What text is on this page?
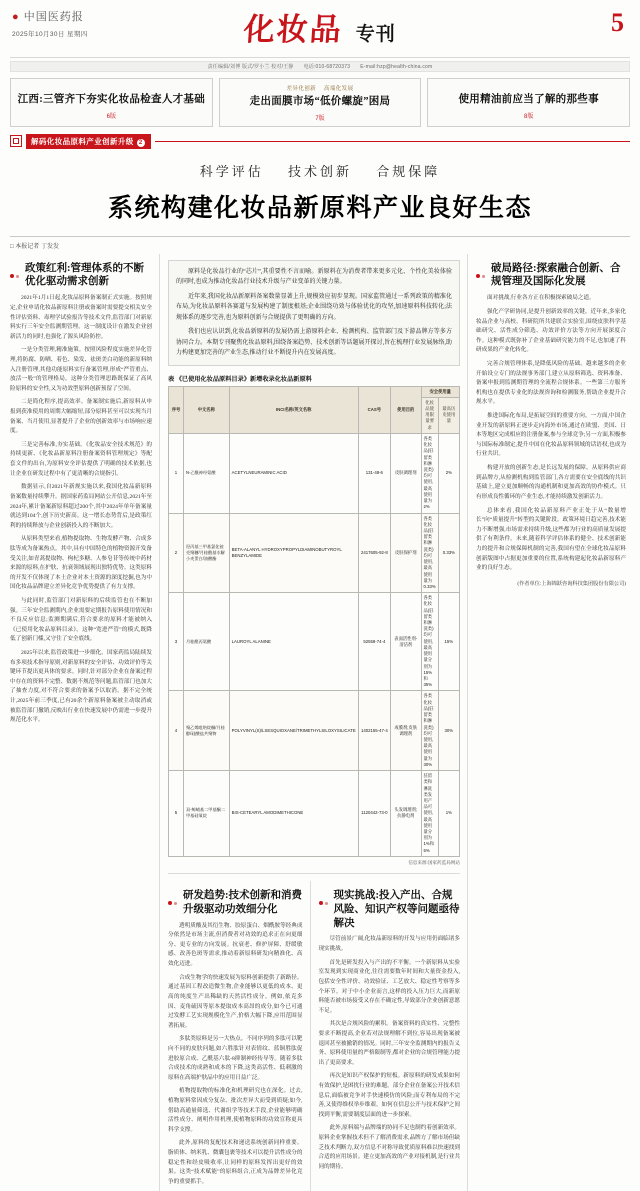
● 中国医药报
2025年10月30日 星期四	化妆品 专刊	5
责任编辑/刘博 版式/罗小兰 校对/王静 电话:010-68720373 E-mail:hzp@health-china.com

江西:三管齐下夯实化妆品检查人才基础
6版
差异化创新 高端化发展
走出面膜市场“低价螺旋”困局
7版

使用精油前应当了解的那些事
8版
解码化妆品原料产业创新升级 2
科学评估 技术创新 合规保障
系统构建化妆品新原料产业良好生态
□ 本报记者 丁发发
政策红利:管理体系的不断优化驱动需求创新

2021年1月1日起,化妆品原料备案制正式实施。按照规定,企业申请化妆品新原料注册或备案时需要提交相关安全性评估资料、毒理学试验报告等技术文件,监管部门对新原料实行三年安全监测期管理。这一制度设计在激发企业创新活力的同时,也强化了源头风险防控。

一是分类管理,精准施策。按照风险程度实施差异化管理,将防腐、防晒、着色、染发、祛斑美白功能的新原料纳入注册管理,其他功能原料实行备案管理,形成“严管重点、放活一般”的管理格局。这种分类管理思路既保证了高风险原料的安全性,又为功效型原料创新预留了空间。

二是简化程序,提高效率。备案制实施后,新原料从申报到获准使用的周期大幅缩短,部分原料甚至可以实现当月备案、当月使用,显著提升了企业的创新效率与市场响应速度。

三是完善标准,夯实基础。《化妆品安全技术规范》的持续更新、《化妆品新原料注册备案资料管理规定》等配套文件的出台,为原料安全评估提供了明确的技术依据,也让企业在研发过程中有了更清晰的合规指引。

数据显示,自2021年新规实施以来,我国化妆品新原料备案数量持续攀升。据国家药监局网站公开信息,2021年至2024年,累计备案新原料超过200个,其中2024年单年备案量就达到104个,创下历史新高。这一增长态势背后,是政策红利的持续释放与企业创新投入的不断加大。

从原料类型来看,植物提取物、生物发酵产物、合成多肽等成为备案热点。其中,具有中国特色的植物资源开发备受关注,如青蒿提取物、枸杞多糖、人参皂苷等传统中药材来源的原料,在护肤、抗衰领域展现出独特优势。这类原料的开发不仅体现了本土企业对本土资源的深度挖掘,也为中国化妆品品牌建立差异化竞争优势提供了有力支撑。

与此同时,监管部门对新原料的后续监管也在不断加强。三年安全监测期内,企业需要定期报告原料使用情况和不良反应信息;监测期满后,符合要求的原料才能被纳入《已使用化妆品原料目录》。这种“宽进严管”的模式,既降低了创新门槛,又守住了安全底线。

2025年以来,监管政策进一步细化。国家药监局陆续发布多项技术指导原则,对新原料的安全评估、功效评价等关键环节提出更具体的要求。同时,针对部分企业在备案过程中存在的资料不完整、数据不规范等问题,监管部门也加大了抽查力度,对不符合要求的备案予以取消。据不完全统计,2025年前三季度,已有20余个新原料备案被主动取消或被监管部门撤销,反映出行业在快速发展中仍需进一步提升规范化水平。

原料是化妆品行业的“芯片”,其重要性不言而喻。新原料在为消费者带来更多元化、个性化美妆体验的同时,也成为推动化妆品行业技术升级与产业变革的关键力量。

近年来,我国化妆品新原料备案数量显著上升,规模效应初步显现。国家监管通过一系列政策的精准化布局,为化妆品原料各赛道与发展构建了制度根基;企业围绕功效与体验优化的攻坚,加速原料科技转化;法规体系的逐步完善,也为原料创新与合规提供了更明确的方向。

我们也应认识到,化妆品新原料的发展仍需上游原料企业、检测机构、监管部门及下游品牌方等多方协同合力。本期专刊聚焦化妆品原料,围绕备案趋势、技术创新等话题展开探讨,旨在梳理行业发展脉络,助力构建更加完善的产业生态,推动行业不断提升内在发展高度。

表 《已使用化妆品原料目录》新增收录化妆品新原料
序号	中文名称	INCI名称/英文名称	CAS号	使用目的	安全使用量	
					化妆品使用限量要求	最高历史使用量
1	N-乙酰神经氨酸	ACETYLNEURAMINIC ACID	131-48-6	皮肤调理剂	各类化妆品(驻留类和淋洗类)均可使用,最高使用量为2%	2%
2	羟丙基三甲基氯化铵壳聚糖/月桂酰基水解小麦蛋白/油酸酯	BETA-ALANYL HYDROXYPROPYLDIAMINOBUTYROYL BENZYLAMIDE	2417605-92-8	皮肤保护剂	各类化妆品(驻留类和淋洗类)均可使用,最高使用量为0.33%	0.33%
3	月桂酰丙氨酸	LAUROYL ALANINE	52558-74-4	表面活性剂-清洁剂	各类化妆品(驻留类和淋洗类)均可使用,最高使用量分别为15%和35%	15%
4	聚乙烯吡咯烷酮/月桂醇/硅酸盐共聚物	POLYVINYL(S)/LSESQUIOXANE/TRIMETHYLSILOXYSILICATE	1402155-47-4	成膜剂;皮肤调理剂	各类化妆品(驻留类和淋洗类)均可使用,最高使用量为30%	30%
5	双-鲸蜡基二甲基酮二甲基硅氧烷	BIS-CETEARYL AMODIMETHICONE	1120442-73-0	头发调理剂;抗静电剂	驻留类和淋洗类发用产品可使用,最高使用量分别为1%和5%	1%
信息来源:国家药监局网站
研发趋势:技术创新和消费升级驱动功效细分化

透明质酸及其衍生物、胶原蛋白、烟酰胺等经典成分依然是市场主流,但消费者对功效的追求正在向更细分、更专业的方向发展。抗衰老、修护屏障、舒缓敏感、改善色斑等需求,推动着新原料研发向精准化、高效化迈进。

合成生物学的快速发展为原料创新提供了新路径。通过基因工程改造微生物,企业能够以更低的成本、更高的纯度生产出稀缺的天然活性成分。例如,依克多因、麦角硫因等原本提取成本高昂的成分,如今已可通过发酵工艺实现规模化生产,价格大幅下降,应用范围显著拓展。

多肽类原料是另一大热点。不同序列的多肽可以靶向不同的皮肤问题,如六胜肽针对表情纹、蓝铜胜肽促进胶原合成、乙酰基六肽-8抑制神经传导等。随着多肽合成技术的成熟和成本的下降,这类高活性、低刺激的原料在高端护肤品中的应用日益广泛。

植物提取物的标准化和机理研究也在深化。过去,植物原料常因成分复杂、批次差异大而受到质疑;如今,借助高通量筛选、代谢组学等技术手段,企业能够明确活性成分、阐明作用机理,使植物原料的功效宣称更具科学支撑。

此外,原料的复配技术和递送系统创新同样重要。脂质体、纳米乳、微囊包裹等技术可以提升活性成分的稳定性和经皮吸收率,让同样的原料发挥出更好的效果。这类“技术赋能”的原料组合,正成为品牌差异化竞争的重要抓手。

现实挑战:投入产出、合规风险、知识产权等问题亟待解决

尽管前景广阔,化妆品新原料的开发与应用仍面临诸多现实挑战。

首先是研发投入与产出的不平衡。一个新原料从实验室发现到实现商业化,往往需要数年时间和大量资金投入,包括安全性评价、功效验证、工艺放大、稳定性考察等多个环节。对于中小企业而言,这样的投入压力巨大,而新原料能否被市场接受又存在不确定性,导致部分企业创新意愿不足。

其次是合规风险的累积。备案资料的真实性、完整性要求不断提高,企业若对法规理解不到位,容易出现备案被退回甚至被撤销的情况。同时,三年安全监测期内的报告义务、原料使用量的严格限制等,都对企业的合规管理能力提出了更高要求。

再次是知识产权保护的短板。新原料的研发成果如何有效保护,是困扰行业的难题。部分企业在备案公开技术信息后,面临被竞争对手快速模仿的风险;而专利布局的不完善,又使得维权举步维艰。如何在信息公开与技术保护之间找到平衡,需要制度层面的进一步探索。

此外,原料端与品牌端的协同不足也制约着创新效率。原料企业掌握技术但不了解消费需求,品牌方了解市场但缺乏技术判断力,双方信息不对称导致优质原料难以快速找到合适的应用场景。建立更加高效的产业对接机制,是行业共同的期待。

破局路径:探索融合创新、合规管理及国际化发展

面对挑战,行业各方正在积极探索破局之道。

强化产学研协同,是提升创新效率的关键。近年来,多家化妆品企业与高校、科研院所共建联合实验室,围绕皮肤科学基础研究、活性成分筛选、功效评价方法等方向开展深度合作。这种模式既弥补了企业基础研究能力的不足,也加速了科研成果的产业化转化。

完善合规管理体系,是降低风险的基础。越来越多的企业开始设立专门的法规事务部门,建立从原料筛选、资料准备、备案申报到监测期管理的全流程合规体系。一些第三方服务机构也在提供专业化的法规咨询和检测服务,帮助企业提升合规水平。

推进国际化布局,是拓展空间的重要方向。一方面,中国企业开发的新原料正逐步走向海外市场,通过在欧盟、美国、日本等地区完成相应的注册备案,参与全球竞争;另一方面,积极参与国际标准制定,提升中国在化妆品原料领域的话语权,也成为行业共识。

构建开放的创新生态,是长远发展的保障。从原料供应商到品牌方,从检测机构到监管部门,各方需要在安全底线的共识基础上,建立更加顺畅的沟通机制和更加高效的协作模式。只有形成良性循环的产业生态,才能持续激发创新活力。

总体来看,我国化妆品新原料产业正处于从“数量增长”向“质量提升”转型的关键阶段。政策环境日趋完善,技术能力不断增强,市场需求持续升级,这些都为行业的高质量发展提供了有利条件。未来,随着科学评估体系的健全、技术创新能力的提升和合规保障机制的完善,我国有望在全球化妆品原料创新版图中占据更加重要的位置,系统构建起化妆品新原料产业的良好生态。

(作者单位:上海锦跃咨询科技集团股份有限公司)
